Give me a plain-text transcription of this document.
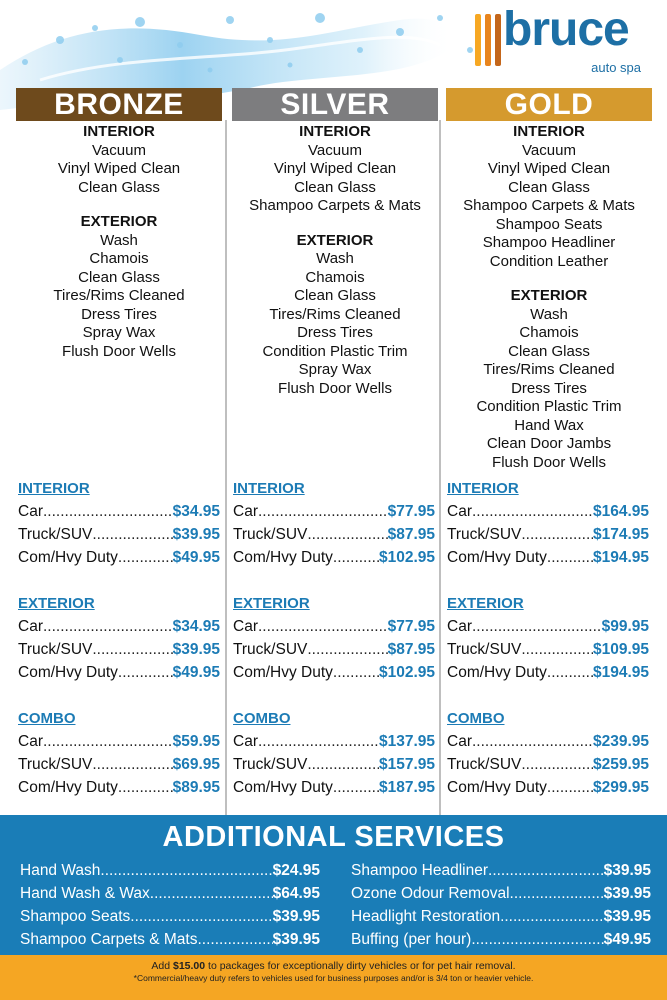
bruce
auto spa
BRONZE
INTERIOR
Vacuum
Vinyl Wiped Clean
Clean Glass
EXTERIOR
Wash
Chamois
Clean Glass
Tires/Rims Cleaned
Dress Tires
Spray Wax
Flush Door Wells
SILVER
INTERIOR
Vacuum
Vinyl Wiped Clean
Clean Glass
Shampoo Carpets & Mats
EXTERIOR
Wash
Chamois
Clean Glass
Tires/Rims Cleaned
Dress Tires
Condition Plastic Trim
Spray Wax
Flush Door Wells
GOLD
INTERIOR
Vacuum
Vinyl Wiped Clean
Clean Glass
Shampoo Carpets & Mats
Shampoo Seats
Shampoo Headliner
Condition Leather
EXTERIOR
Wash
Chamois
Clean Glass
Tires/Rims Cleaned
Dress Tires
Condition Plastic Trim
Hand Wax
Clean Door Jambs
Flush Door Wells
INTERIOR
Car .....	$34.95
Truck/SUV .....	$39.95
Com/Hvy Duty .....	$49.95
EXTERIOR
Car .....	$34.95
Truck/SUV .....	$39.95
Com/Hvy Duty .....	$49.95
COMBO
Car .....	$59.95
Truck/SUV .....	$69.95
Com/Hvy Duty .....	$89.95
INTERIOR
Car .....	$77.95
Truck/SUV .....	$87.95
Com/Hvy Duty .....	$102.95
EXTERIOR
Car .....	$77.95
Truck/SUV .....	$87.95
Com/Hvy Duty .....	$102.95
COMBO
Car .....	$137.95
Truck/SUV .....	$157.95
Com/Hvy Duty .....	$187.95
INTERIOR
Car .....	$164.95
Truck/SUV .....	$174.95
Com/Hvy Duty .....	$194.95
EXTERIOR
Car .....	$99.95
Truck/SUV .....	$109.95
Com/Hvy Duty .....	$194.95
COMBO
Car .....	$239.95
Truck/SUV .....	$259.95
Com/Hvy Duty .....	$299.95
ADDITIONAL SERVICES
Hand Wash .....	$24.95
Hand Wash & Wax .....	$64.95
Shampoo Seats .....	$39.95
Shampoo Carpets & Mats .....	$39.95
Shampoo Headliner .....	$39.95
Ozone Odour Removal .....	$39.95
Headlight Restoration .....	$39.95
Buffing (per hour) .....	$49.95
Add $15.00 to packages for exceptionally dirty vehicles or for pet hair removal.
*Commercial/heavy duty refers to vehicles used for business purposes and/or is 3/4 ton or heavier vehicle.
